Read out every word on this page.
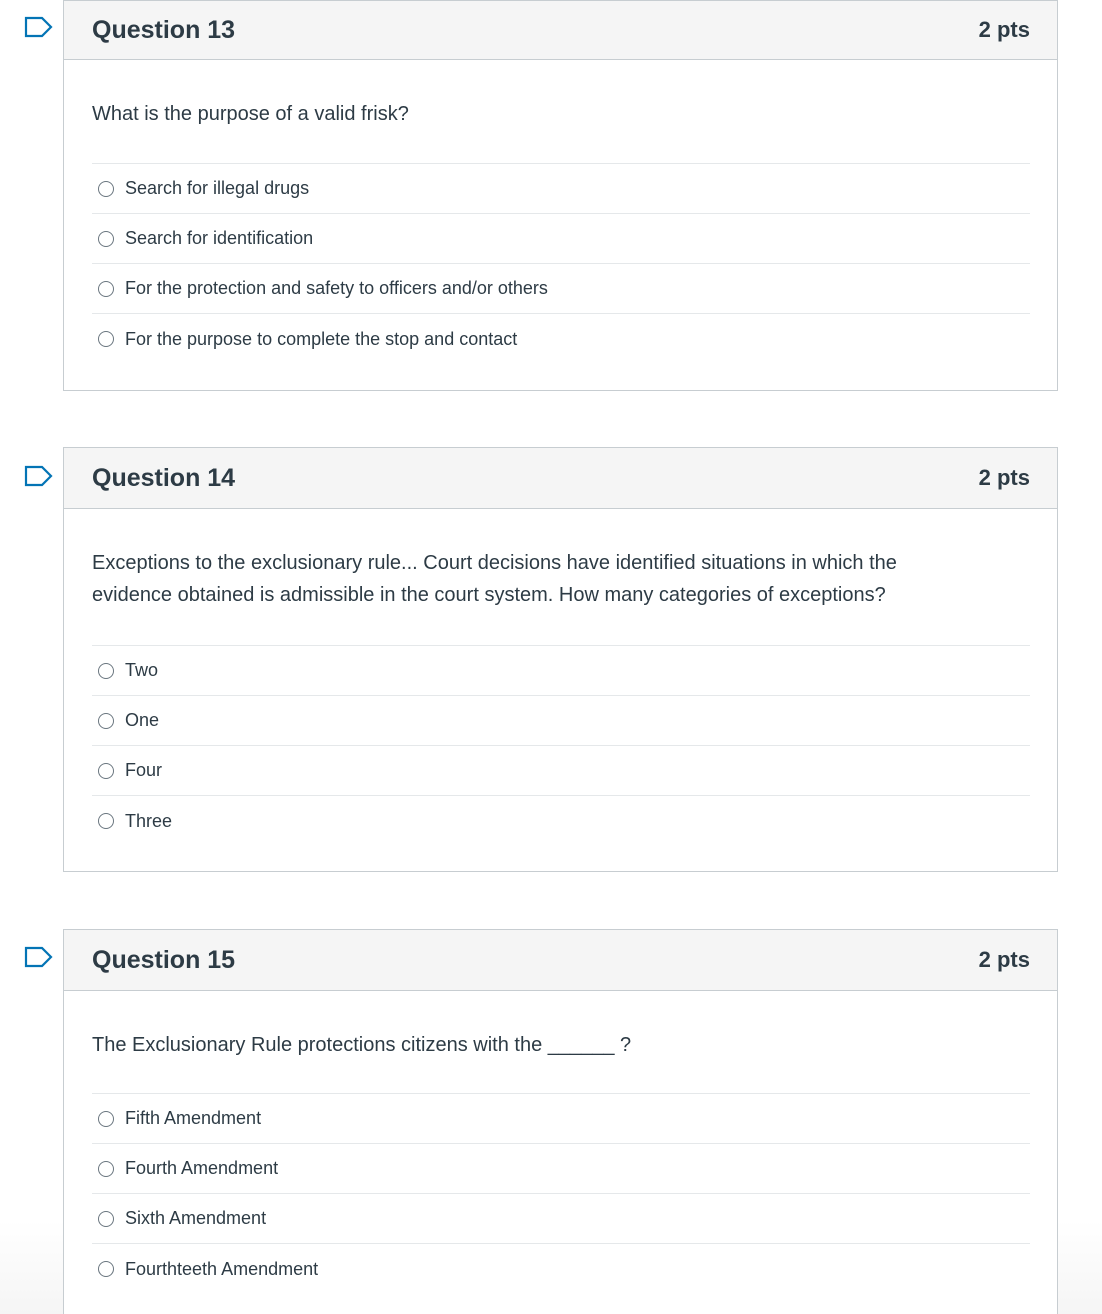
Question 13	2 pts

What is the purpose of a valid frisk?

Search for illegal drugs
Search for identification
For the protection and safety to officers and/or others
For the purpose to complete the stop and contact
Question 14	2 pts

Exceptions to the exclusionary rule... Court decisions have identified situations in which the evidence obtained is admissible in the court system. How many categories of exceptions?

Two
One
Four
Three
Question 15	2 pts

The Exclusionary Rule protections citizens with the ______ ?

Fifth Amendment
Fourth Amendment
Sixth Amendment
Fourthteeth Amendment
